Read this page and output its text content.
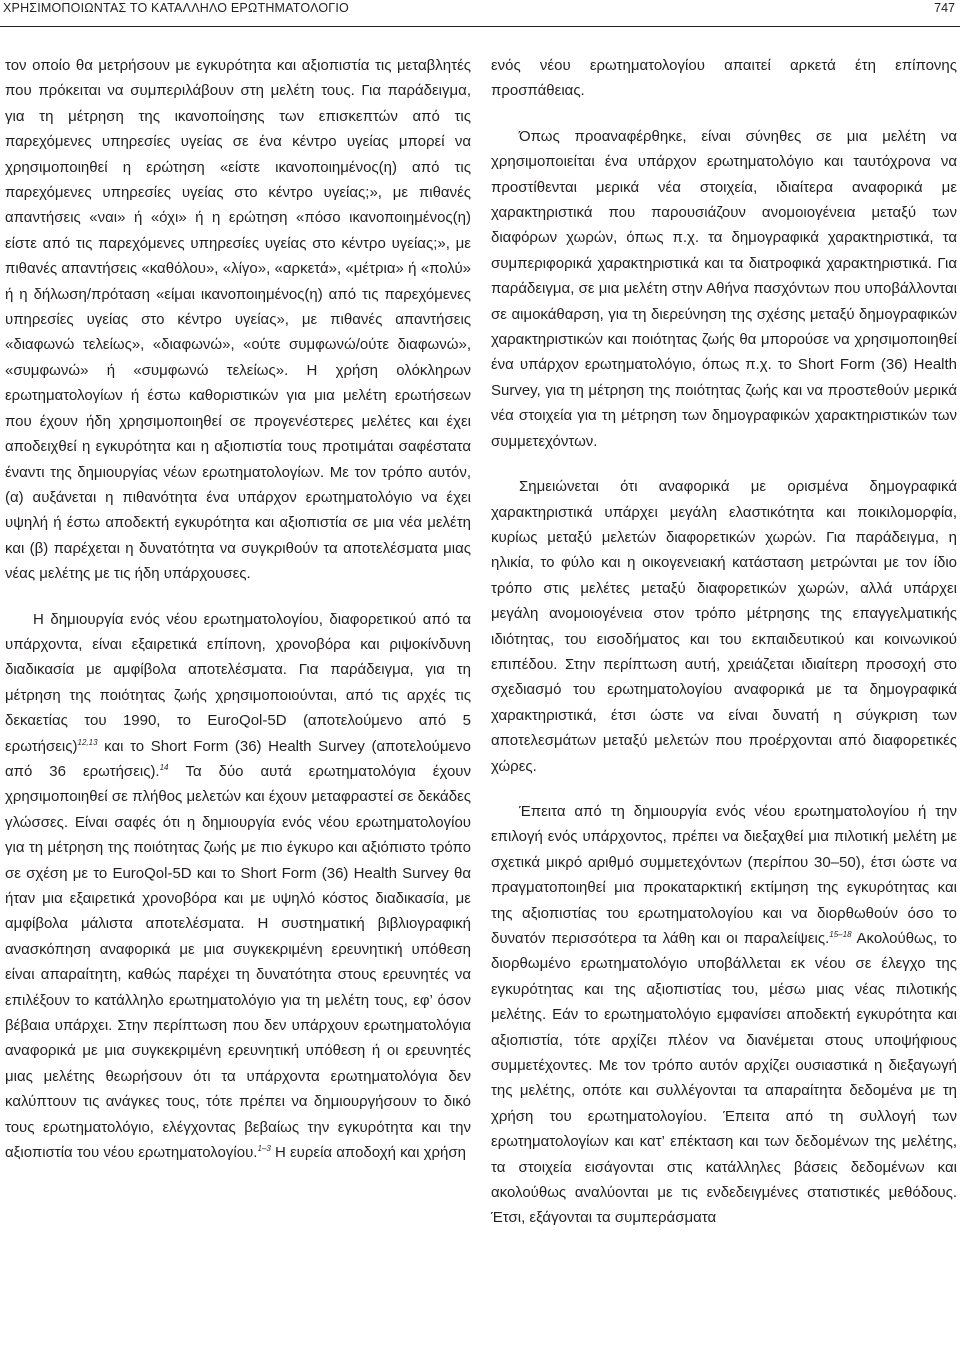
ΧΡΗΣΙΜΟΠΟΙΩΝΤΑΣ ΤΟ ΚΑΤΑΛΛΗΛΟ ΕΡΩΤΗΜΑΤΟΛΟΓΙΟ	747

τον οποίο θα μετρήσουν με εγκυρότητα και αξιοπιστία τις μεταβλητές που πρόκειται να συμπεριλάβουν στη μελέτη τους. Για παράδειγμα, για τη μέτρηση της ικανοποίησης των επισκεπτών από τις παρεχόμενες υπηρεσίες υγείας σε ένα κέντρο υγείας μπορεί να χρησιμοποιηθεί η ερώτηση «είστε ικανοποιημένος(η) από τις παρεχόμενες υπηρεσίες υγείας στο κέντρο υγείας;», με πιθανές απαντήσεις «ναι» ή «όχι» ή η ερώτηση «πόσο ικανοποιημένος(η) είστε από τις παρεχόμενες υπηρεσίες υγείας στο κέντρο υγείας;», με πιθανές απαντήσεις «καθόλου», «λίγο», «αρκετά», «μέτρια» ή «πολύ» ή η δήλωση/πρόταση «είμαι ικανοποιημένος(η) από τις παρεχόμενες υπηρεσίες υγείας στο κέντρο υγείας», με πιθανές απαντήσεις «διαφωνώ τελείως», «διαφωνώ», «ούτε συμφωνώ/ούτε διαφωνώ», «συμφωνώ» ή «συμφωνώ τελείως». Η χρήση ολόκληρων ερωτηματολογίων ή έστω καθοριστικών για μια μελέτη ερωτήσεων που έχουν ήδη χρησιμοποιηθεί σε προγενέστερες μελέτες και έχει αποδειχθεί η εγκυρότητα και η αξιοπιστία τους προτιμάται σαφέστατα έναντι της δημιουργίας νέων ερωτηματολογίων. Με τον τρόπο αυτόν, (α) αυξάνεται η πιθανότητα ένα υπάρχον ερωτηματολόγιο να έχει υψηλή ή έστω αποδεκτή εγκυρότητα και αξιοπιστία σε μια νέα μελέτη και (β) παρέχεται η δυνατότητα να συγκριθούν τα αποτελέσματα μιας νέας μελέτης με τις ήδη υπάρχουσες.

Η δημιουργία ενός νέου ερωτηματολογίου, διαφορετικού από τα υπάρχοντα, είναι εξαιρετικά επίπονη, χρονοβόρα και ριψοκίνδυνη διαδικασία με αμφίβολα αποτελέσματα. Για παράδειγμα, για τη μέτρηση της ποιότητας ζωής χρησιμοποιούνται, από τις αρχές τις δεκαετίας του 1990, το EuroQol-5D (αποτελούμενο από 5 ερωτήσεις)$^{12,13}$ και το Short Form (36) Health Survey (αποτελούμενο από 36 ερωτήσεις).$^{14}$ Τα δύο αυτά ερωτηματολόγια έχουν χρησιμοποιηθεί σε πλήθος μελετών και έχουν μεταφραστεί σε δεκάδες γλώσσες. Είναι σαφές ότι η δημιουργία ενός νέου ερωτηματολογίου για τη μέτρηση της ποιότητας ζωής με πιο έγκυρο και αξιόπιστο τρόπο σε σχέση με το EuroQol-5D και το Short Form (36) Health Survey θα ήταν μια εξαιρετικά χρονοβόρα και με υψηλό κόστος διαδικασία, με αμφίβολα μάλιστα αποτελέσματα. Η συστηματική βιβλιογραφική ανασκόπηση αναφορικά με μια συγκεκριμένη ερευνητική υπόθεση είναι απαραίτητη, καθώς παρέχει τη δυνατότητα στους ερευνητές να επιλέξουν το κατάλληλο ερωτηματολόγιο για τη μελέτη τους, εφ’ όσον βέβαια υπάρχει. Στην περίπτωση που δεν υπάρχουν ερωτηματολόγια αναφορικά με μια συγκεκριμένη ερευνητική υπόθεση ή οι ερευνητές μιας μελέτης θεωρήσουν ότι τα υπάρχοντα ερωτηματολόγια δεν καλύπτουν τις ανάγκες τους, τότε πρέπει να δημιουργήσουν το δικό τους ερωτηματολόγιο, ελέγχοντας βεβαίως την εγκυρότητα και την αξιοπιστία του νέου ερωτηματολογίου.$^{1-3}$ Η ευρεία αποδοχή και χρήση

ενός νέου ερωτηματολογίου απαιτεί αρκετά έτη επίπονης προσπάθειας.

Όπως προαναφέρθηκε, είναι σύνηθες σε μια μελέτη να χρησιμοποιείται ένα υπάρχον ερωτηματολόγιο και ταυτόχρονα να προστίθενται μερικά νέα στοιχεία, ιδιαίτερα αναφορικά με χαρακτηριστικά που παρουσιάζουν ανομοιογένεια μεταξύ των διαφόρων χωρών, όπως π.χ. τα δημογραφικά χαρακτηριστικά, τα συμπεριφορικά χαρακτηριστικά και τα διατροφικά χαρακτηριστικά. Για παράδειγμα, σε μια μελέτη στην Αθήνα πασχόντων που υποβάλλονται σε αιμοκάθαρση, για τη διερεύνηση της σχέσης μεταξύ δημογραφικών χαρακτηριστικών και ποιότητας ζωής θα μπορούσε να χρησιμοποιηθεί ένα υπάρχον ερωτηματολόγιο, όπως π.χ. το Short Form (36) Health Survey, για τη μέτρηση της ποιότητας ζωής και να προστεθούν μερικά νέα στοιχεία για τη μέτρηση των δημογραφικών χαρακτηριστικών των συμμετεχόντων.

Σημειώνεται ότι αναφορικά με ορισμένα δημογραφικά χαρακτηριστικά υπάρχει μεγάλη ελαστικότητα και ποικιλομορφία, κυρίως μεταξύ μελετών διαφορετικών χωρών. Για παράδειγμα, η ηλικία, το φύλο και η οικογενειακή κατάσταση μετρώνται με τον ίδιο τρόπο στις μελέτες μεταξύ διαφορετικών χωρών, αλλά υπάρχει μεγάλη ανομοιογένεια στον τρόπο μέτρησης της επαγγελματικής ιδιότητας, του εισοδήματος και του εκπαιδευτικού και κοινωνικού επιπέδου. Στην περίπτωση αυτή, χρειάζεται ιδιαίτερη προσοχή στο σχεδιασμό του ερωτηματολογίου αναφορικά με τα δημογραφικά χαρακτηριστικά, έτσι ώστε να είναι δυνατή η σύγκριση των αποτελεσμάτων μεταξύ μελετών που προέρχονται από διαφορετικές χώρες.

Έπειτα από τη δημιουργία ενός νέου ερωτηματολογίου ή την επιλογή ενός υπάρχοντος, πρέπει να διεξαχθεί μια πιλοτική μελέτη με σχετικά μικρό αριθμό συμμετεχόντων (περίπου 30–50), έτσι ώστε να πραγματοποιηθεί μια προκαταρκτική εκτίμηση της εγκυρότητας και της αξιοπιστίας του ερωτηματολογίου και να διορθωθούν όσο το δυνατόν περισσότερα τα λάθη και οι παραλείψεις.$^{15-18}$ Ακολούθως, το διορθωμένο ερωτηματολόγιο υποβάλλεται εκ νέου σε έλεγχο της εγκυρότητας και της αξιοπιστίας του, μέσω μιας νέας πιλοτικής μελέτης. Εάν το ερωτηματολόγιο εμφανίσει αποδεκτή εγκυρότητα και αξιοπιστία, τότε αρχίζει πλέον να διανέμεται στους υποψήφιους συμμετέχοντες. Με τον τρόπο αυτόν αρχίζει ουσιαστικά η διεξαγωγή της μελέτης, οπότε και συλλέγονται τα απαραίτητα δεδομένα με τη χρήση του ερωτηματολογίου. Έπειτα από τη συλλογή των ερωτηματολογίων και κατ’ επέκταση και των δεδομένων της μελέτης, τα στοιχεία εισάγονται στις κατάλληλες βάσεις δεδομένων και ακολούθως αναλύονται με τις ενδεδειγμένες στατιστικές μεθόδους. Έτσι, εξάγονται τα συμπεράσματα
